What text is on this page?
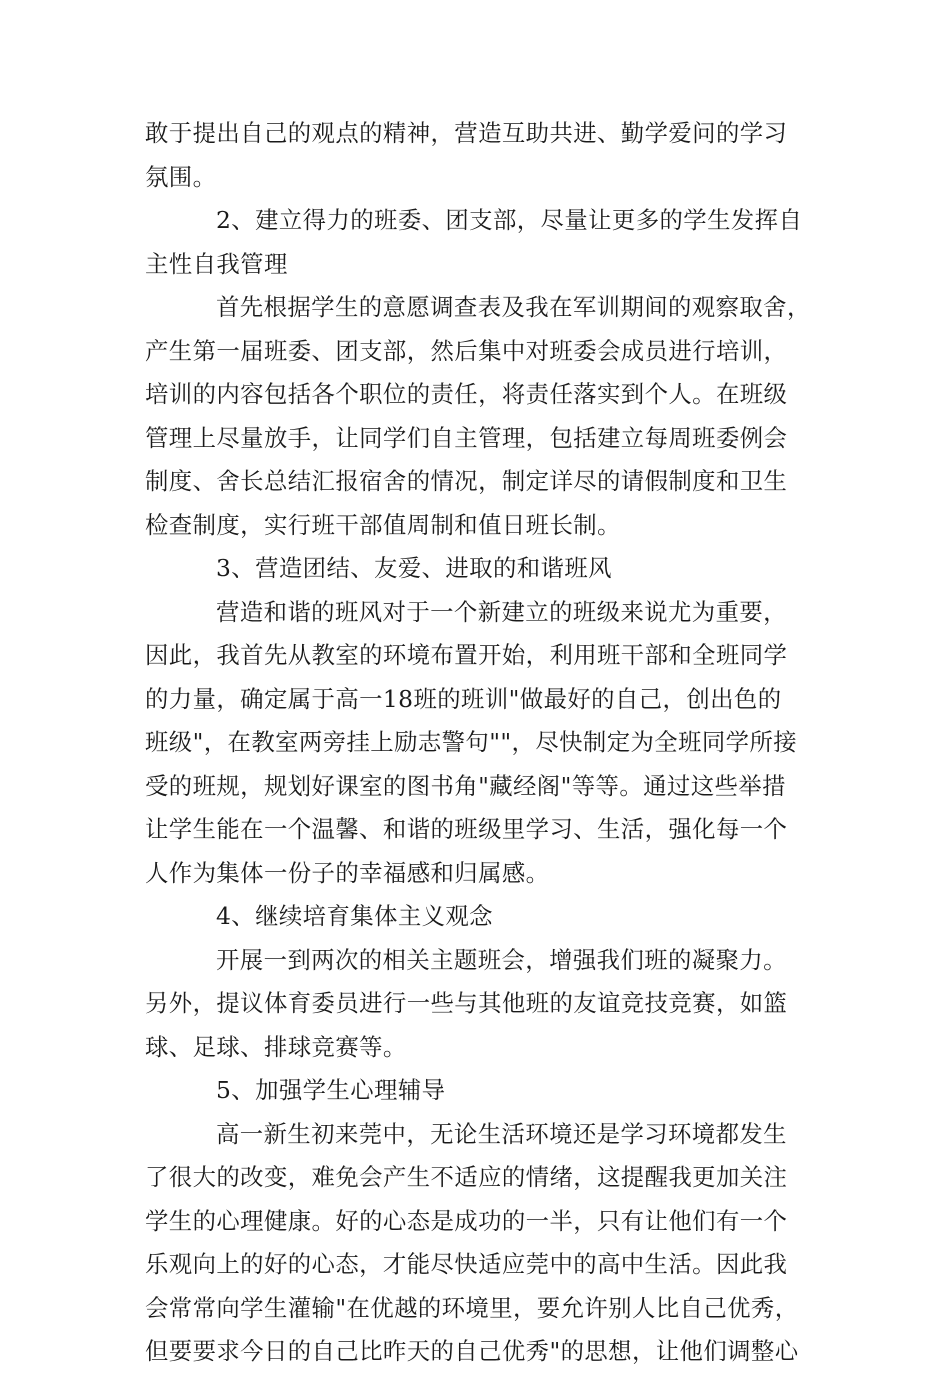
敢于提出自己的观点的精神，营造互助共进、勤学爱问的学习
氛围。
2、建立得力的班委、团支部，尽量让更多的学生发挥自
主性自我管理
首先根据学生的意愿调查表及我在军训期间的观察取舍，
产生第一届班委、团支部，然后集中对班委会成员进行培训，
培训的内容包括各个职位的责任，将责任落实到个人。在班级
管理上尽量放手，让同学们自主管理，包括建立每周班委例会
制度、舍长总结汇报宿舍的情况，制定详尽的请假制度和卫生
检查制度，实行班干部值周制和值日班长制。
3、营造团结、友爱、进取的和谐班风
营造和谐的班风对于一个新建立的班级来说尤为重要，
因此，我首先从教室的环境布置开始，利用班干部和全班同学
的力量，确定属于高一18班的班训"做最好的自己，创出色的
班级"，在教室两旁挂上励志警句""，尽快制定为全班同学所接
受的班规，规划好课室的图书角"藏经阁"等等。通过这些举措
让学生能在一个温馨、和谐的班级里学习、生活，强化每一个
人作为集体一份子的幸福感和归属感。
4、继续培育集体主义观念
开展一到两次的相关主题班会，增强我们班的凝聚力。
另外，提议体育委员进行一些与其他班的友谊竞技竞赛，如篮
球、足球、排球竞赛等。
5、加强学生心理辅导
高一新生初来莞中，无论生活环境还是学习环境都发生
了很大的改变，难免会产生不适应的情绪，这提醒我更加关注
学生的心理健康。好的心态是成功的一半，只有让他们有一个
乐观向上的好的心态，才能尽快适应莞中的高中生活。因此我
会常常向学生灌输"在优越的环境里，要允许别人比自己优秀，
但要要求今日的自己比昨天的自己优秀"的思想，让他们调整心
